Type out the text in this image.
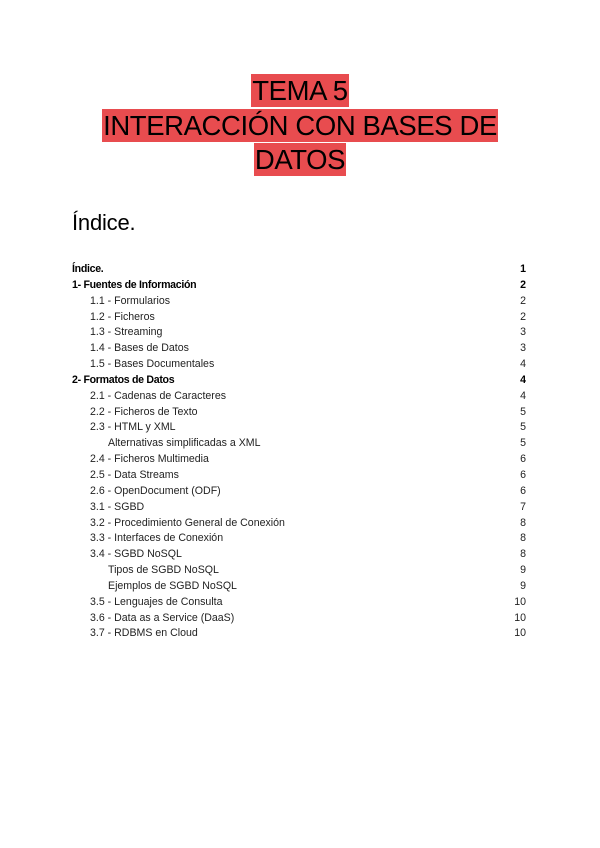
TEMA 5
INTERACCIÓN CON BASES DE
DATOS
Índice.
Índice.	1
1- Fuentes de Información	2
1.1 - Formularios	2
1.2 - Ficheros	2
1.3 - Streaming	3
1.4 - Bases de Datos	3
1.5 - Bases Documentales	4
2- Formatos de Datos	4
2.1 - Cadenas de Caracteres	4
2.2 - Ficheros de Texto	5
2.3 - HTML y XML	5
Alternativas simplificadas a XML	5
2.4 - Ficheros Multimedia	6
2.5 - Data Streams	6
2.6 - OpenDocument (ODF)	6
3.1 - SGBD	7
3.2 - Procedimiento General de Conexión	8
3.3 - Interfaces de Conexión	8
3.4 - SGBD NoSQL	8
Tipos de SGBD NoSQL	9
Ejemplos de SGBD NoSQL	9
3.5 - Lenguajes de Consulta	10
3.6 - Data as a Service (DaaS)	10
3.7 - RDBMS en Cloud	10
